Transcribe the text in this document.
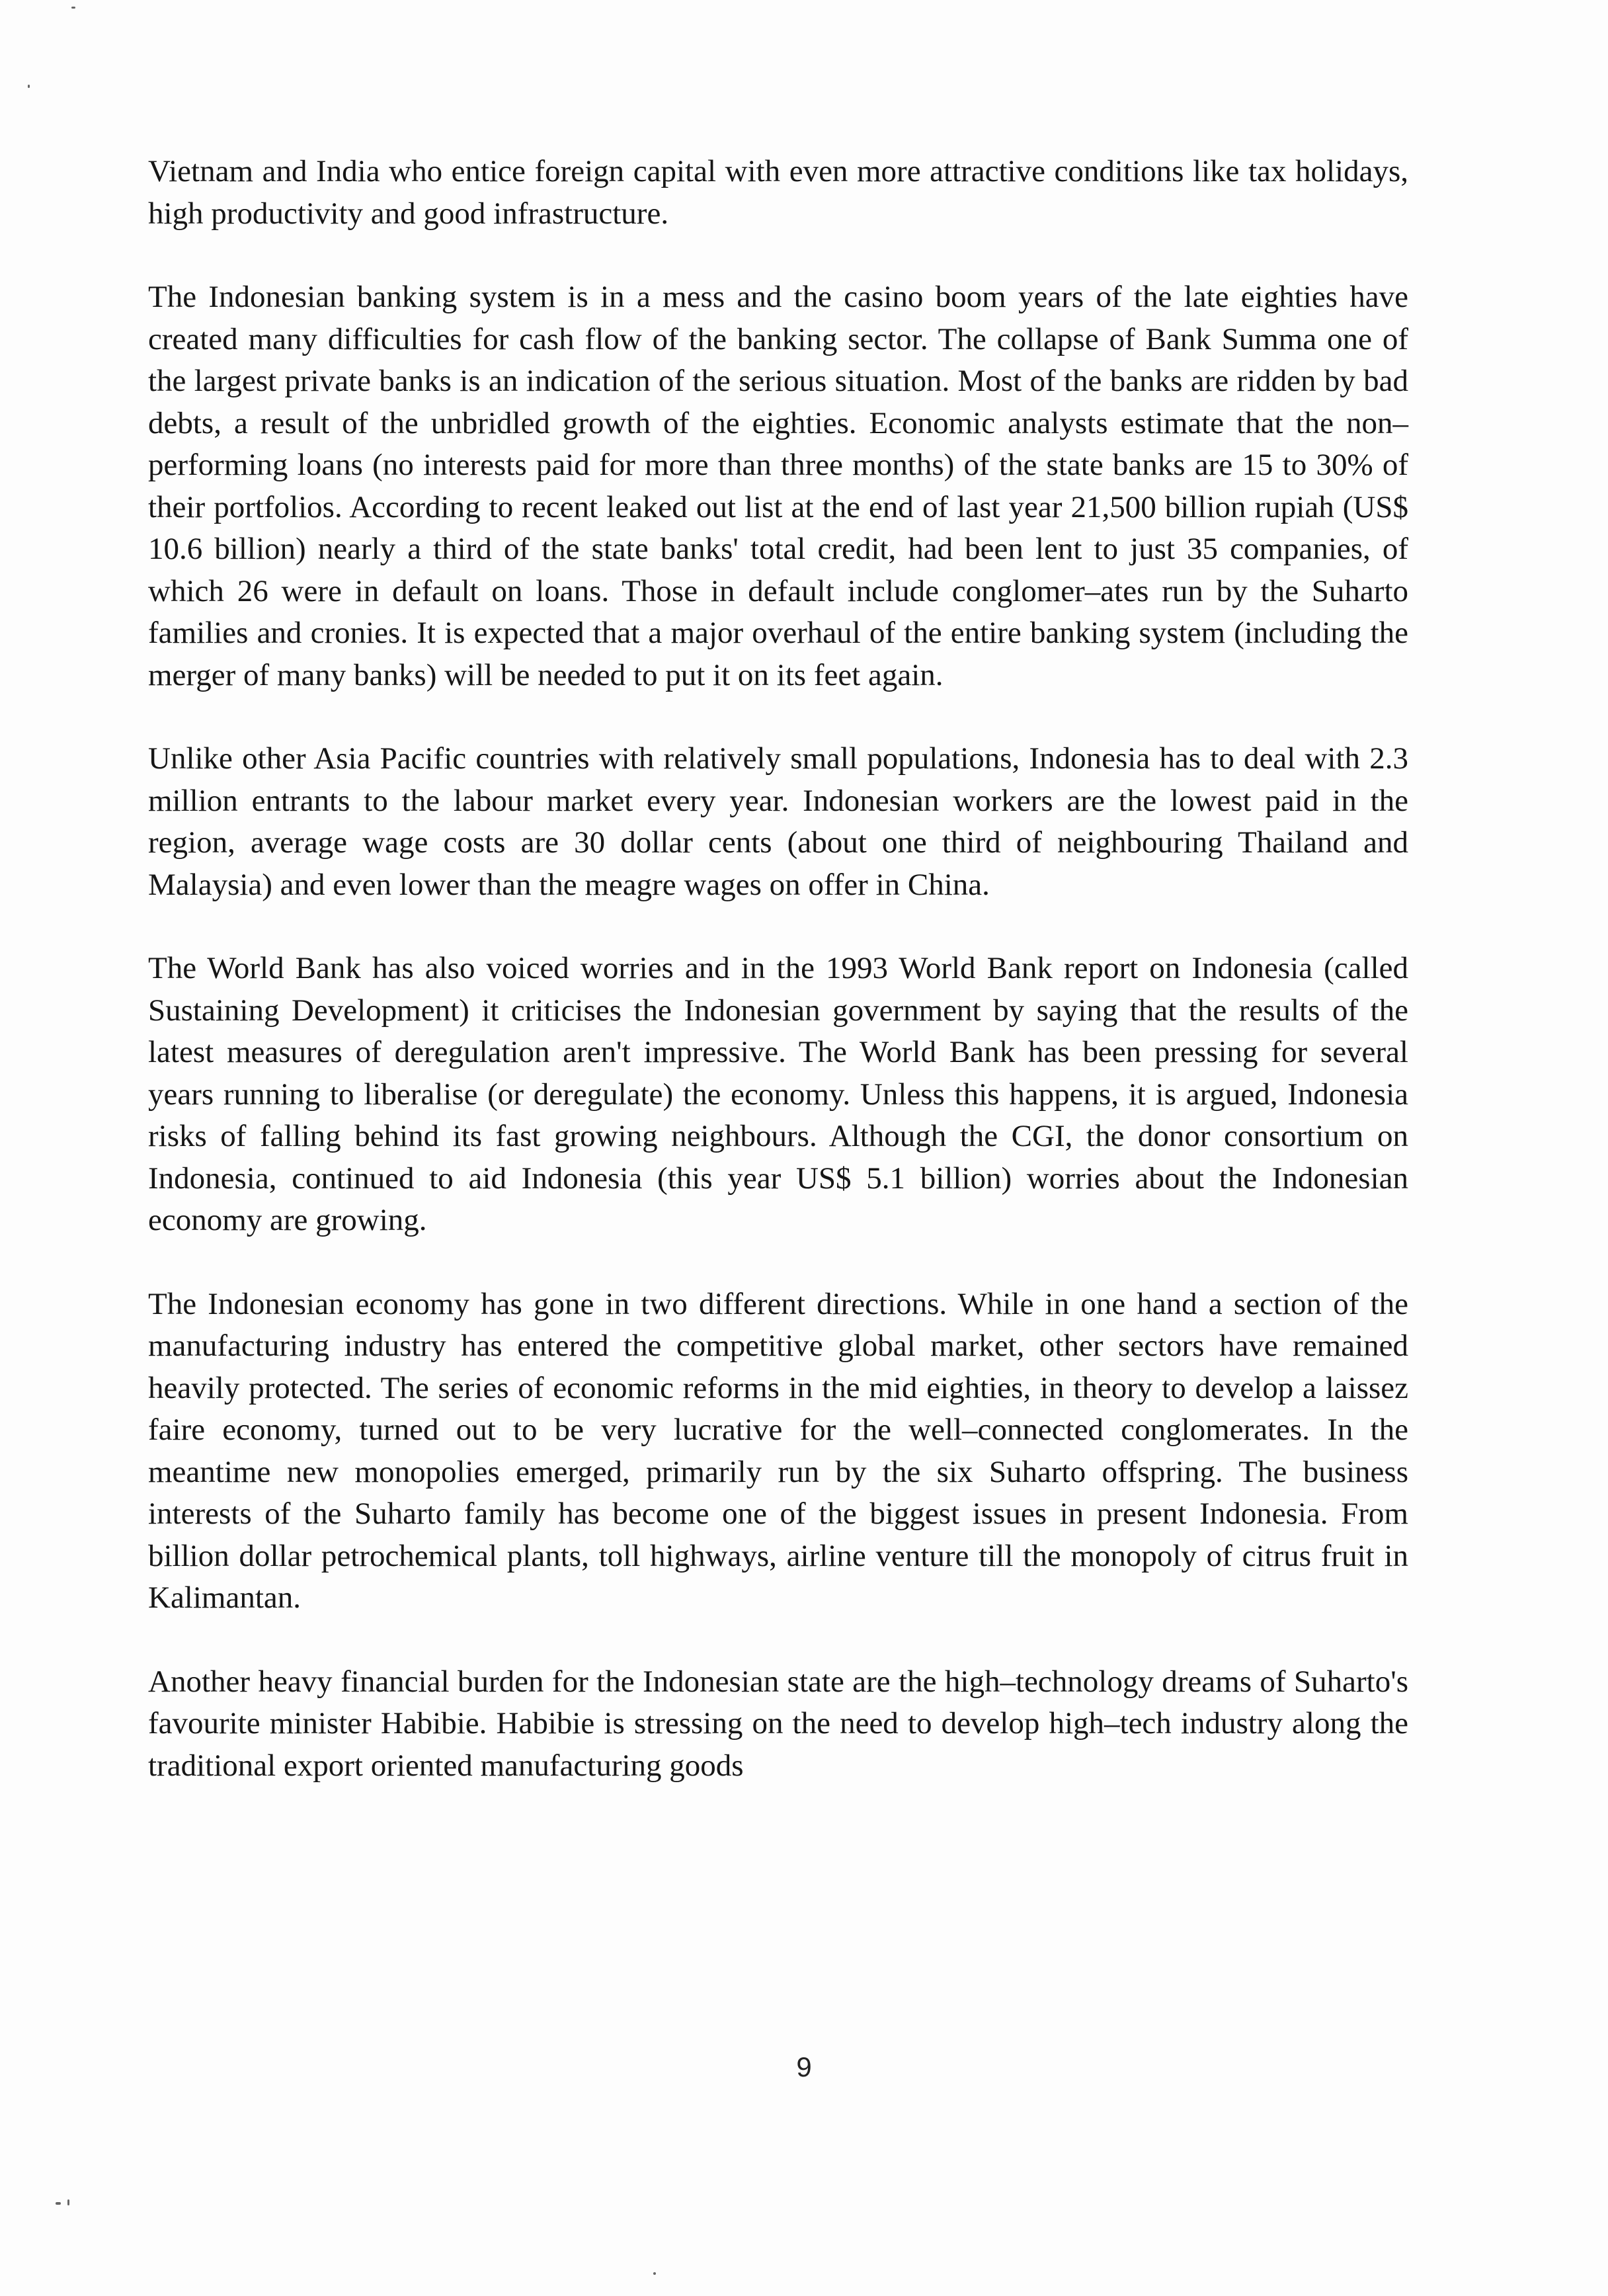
Vietnam and India who entice foreign capital with even more attractive conditions like tax holidays, high productivity and good infrastructure.

The Indonesian banking system is in a mess and the casino boom years of the late eighties have created many difficulties for cash flow of the banking sector. The collapse of Bank Summa one of the largest private banks is an indication of the serious situation. Most of the banks are ridden by bad debts, a result of the unbridled growth of the eighties. Economic analysts estimate that the non–performing loans (no interests paid for more than three months) of the state banks are 15 to 30% of their portfolios. According to recent leaked out list at the end of last year 21,500 billion rupiah (US$ 10.6 billion) nearly a third of the state banks' total credit, had been lent to just 35 companies, of which 26 were in default on loans. Those in default include conglomer–ates run by the Suharto families and cronies. It is expected that a major overhaul of the entire banking system (including the merger of many banks) will be needed to put it on its feet again.

Unlike other Asia Pacific countries with relatively small populations, Indonesia has to deal with 2.3 million entrants to the labour market every year. Indonesian workers are the lowest paid in the region, average wage costs are 30 dollar cents (about one third of neighbouring Thailand and Malaysia) and even lower than the meagre wages on offer in China.

The World Bank has also voiced worries and in the 1993 World Bank report on Indonesia (called Sustaining Development) it criticises the Indonesian government by saying that the results of the latest measures of deregulation aren't impressive. The World Bank has been pressing for several years running to liberalise (or deregulate) the economy. Unless this happens, it is argued, Indonesia risks of falling behind its fast growing neighbours. Although the CGI, the donor consortium on Indonesia, continued to aid Indonesia (this year US$ 5.1 billion) worries about the Indonesian economy are growing.

The Indonesian economy has gone in two different directions. While in one hand a section of the manufacturing industry has entered the competitive global market, other sectors have remained heavily protected. The series of economic reforms in the mid eighties, in theory to develop a laissez faire economy, turned out to be very lucrative for the well–connected conglomerates. In the meantime new monopolies emerged, primarily run by the six Suharto offspring. The business interests of the Suharto family has become one of the biggest issues in present Indonesia. From billion dollar petrochemical plants, toll highways, airline venture till the monopoly of citrus fruit in Kalimantan.

Another heavy financial burden for the Indonesian state are the high–technology dreams of Suharto's favourite minister Habibie. Habibie is stressing on the need to develop high–tech industry along the traditional export oriented manufacturing goods

9
